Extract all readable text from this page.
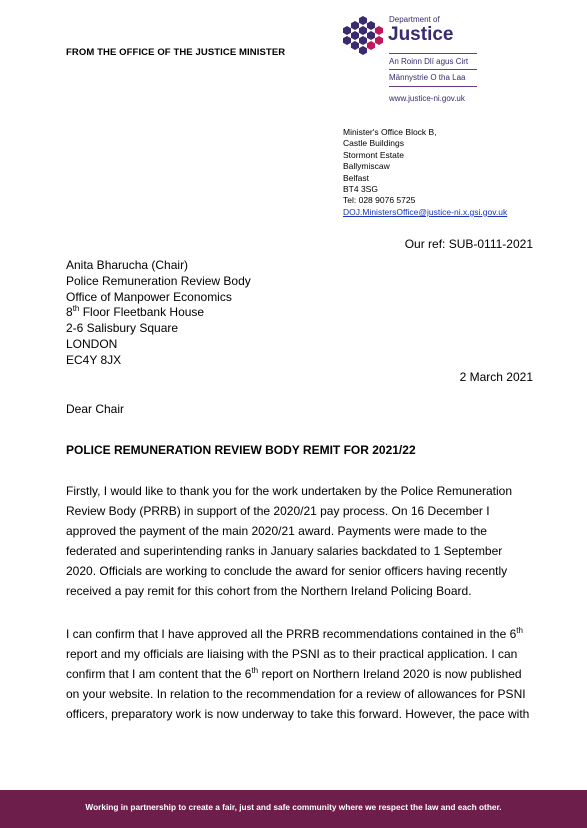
FROM THE OFFICE OF THE JUSTICE MINISTER
Department of
Justice
An Roinn Dlí agus Cirt
Männystrie O tha Laa
www.justice-ni.gov.uk
Minister's Office Block B,
Castle Buildings
Stormont Estate
Ballymiscaw
Belfast
BT4 3SG
Tel: 028 9076 5725
DOJ.MinistersOffice@justice-ni.x.gsi.gov.uk
Our ref: SUB-0111-2021
Anita Bharucha (Chair)
Police Remuneration Review Body
Office of Manpower Economics
8th Floor Fleetbank House
2-6 Salisbury Square
LONDON
EC4Y 8JX
2 March 2021
Dear Chair
POLICE REMUNERATION REVIEW BODY REMIT FOR 2021/22
Firstly, I would like to thank you for the work undertaken by the Police Remuneration
Review Body (PRRB) in support of the 2020/21 pay process. On 16 December I
approved the payment of the main 2020/21 award. Payments were made to the
federated and superintending ranks in January salaries backdated to 1 September
2020. Officials are working to conclude the award for senior officers having recently
received a pay remit for this cohort from the Northern Ireland Policing Board.
I can confirm that I have approved all the PRRB recommendations contained in the 6th
report and my officials are liaising with the PSNI as to their practical application. I can
confirm that I am content that the 6th report on Northern Ireland 2020 is now published
on your website. In relation to the recommendation for a review of allowances for PSNI
officers, preparatory work is now underway to take this forward. However, the pace with
Working in partnership to create a fair, just and safe community where we respect the law and each other.
